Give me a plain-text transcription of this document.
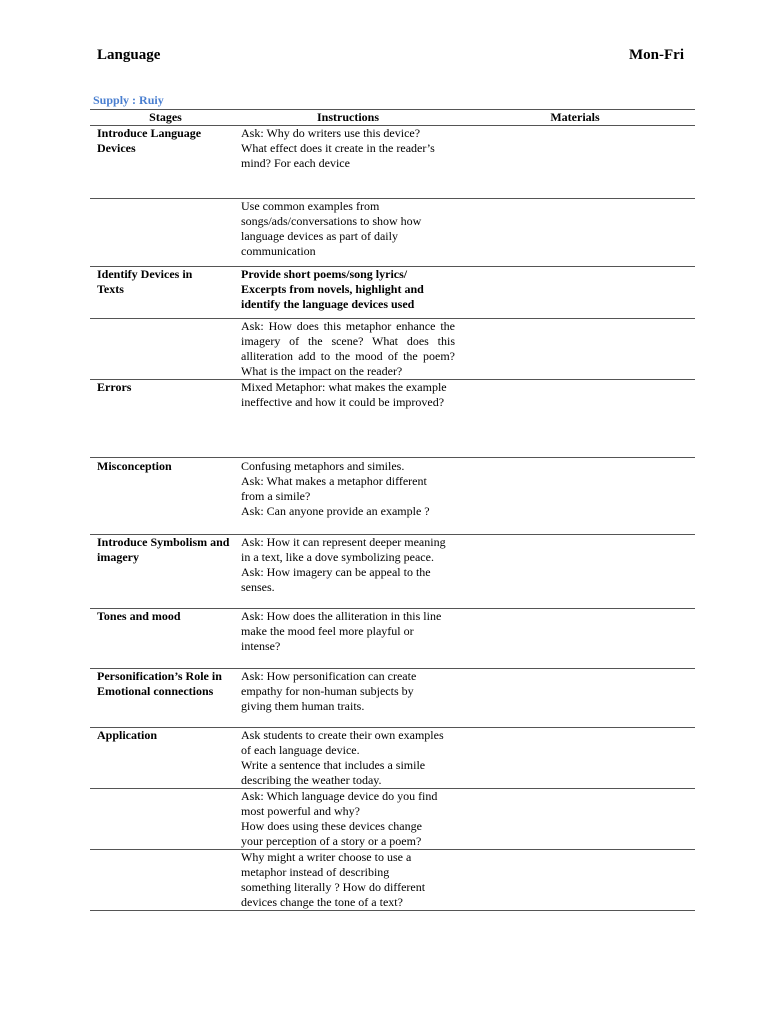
Language	Mon-Fri
Supply : Ruiy
Stages	Instructions	Materials
Introduce Language Devices	Ask: Why do writers use this device?
What effect does it create in the reader’s mind? For each device	
	Use common examples from songs/ads/conversations to show how language devices as part of daily communication	
Identify Devices in Texts	Provide short poems/song lyrics/ Excerpts from novels, highlight and identify the language devices used	
	Ask: How does this metaphor enhance the imagery of the scene? What does this alliteration add to the mood of the poem? What is the impact on the reader?	
Errors	Mixed Metaphor: what makes the example ineffective and how it could be improved?	
Misconception	Confusing metaphors and similes.
Ask: What makes a metaphor different from a simile?
Ask: Can anyone provide an example ?	
Introduce Symbolism and imagery	Ask: How it can represent deeper meaning in a text, like a dove symbolizing peace.
Ask: How imagery can be appeal to the senses.	
Tones and mood	Ask: How does the alliteration in this line make the mood feel more playful or intense?	
Personification’s Role in Emotional connections	Ask: How personification can create empathy for non-human subjects by giving them human traits.	
Application	Ask students to create their own examples of each language device.
Write a sentence that includes a simile describing the weather today.	
	Ask: Which language device do you find most powerful and why?
How does using these devices change your perception of a story or a poem?	
	Why might a writer choose to use a metaphor instead of describing something literally ? How do different devices change the tone of a text?	
